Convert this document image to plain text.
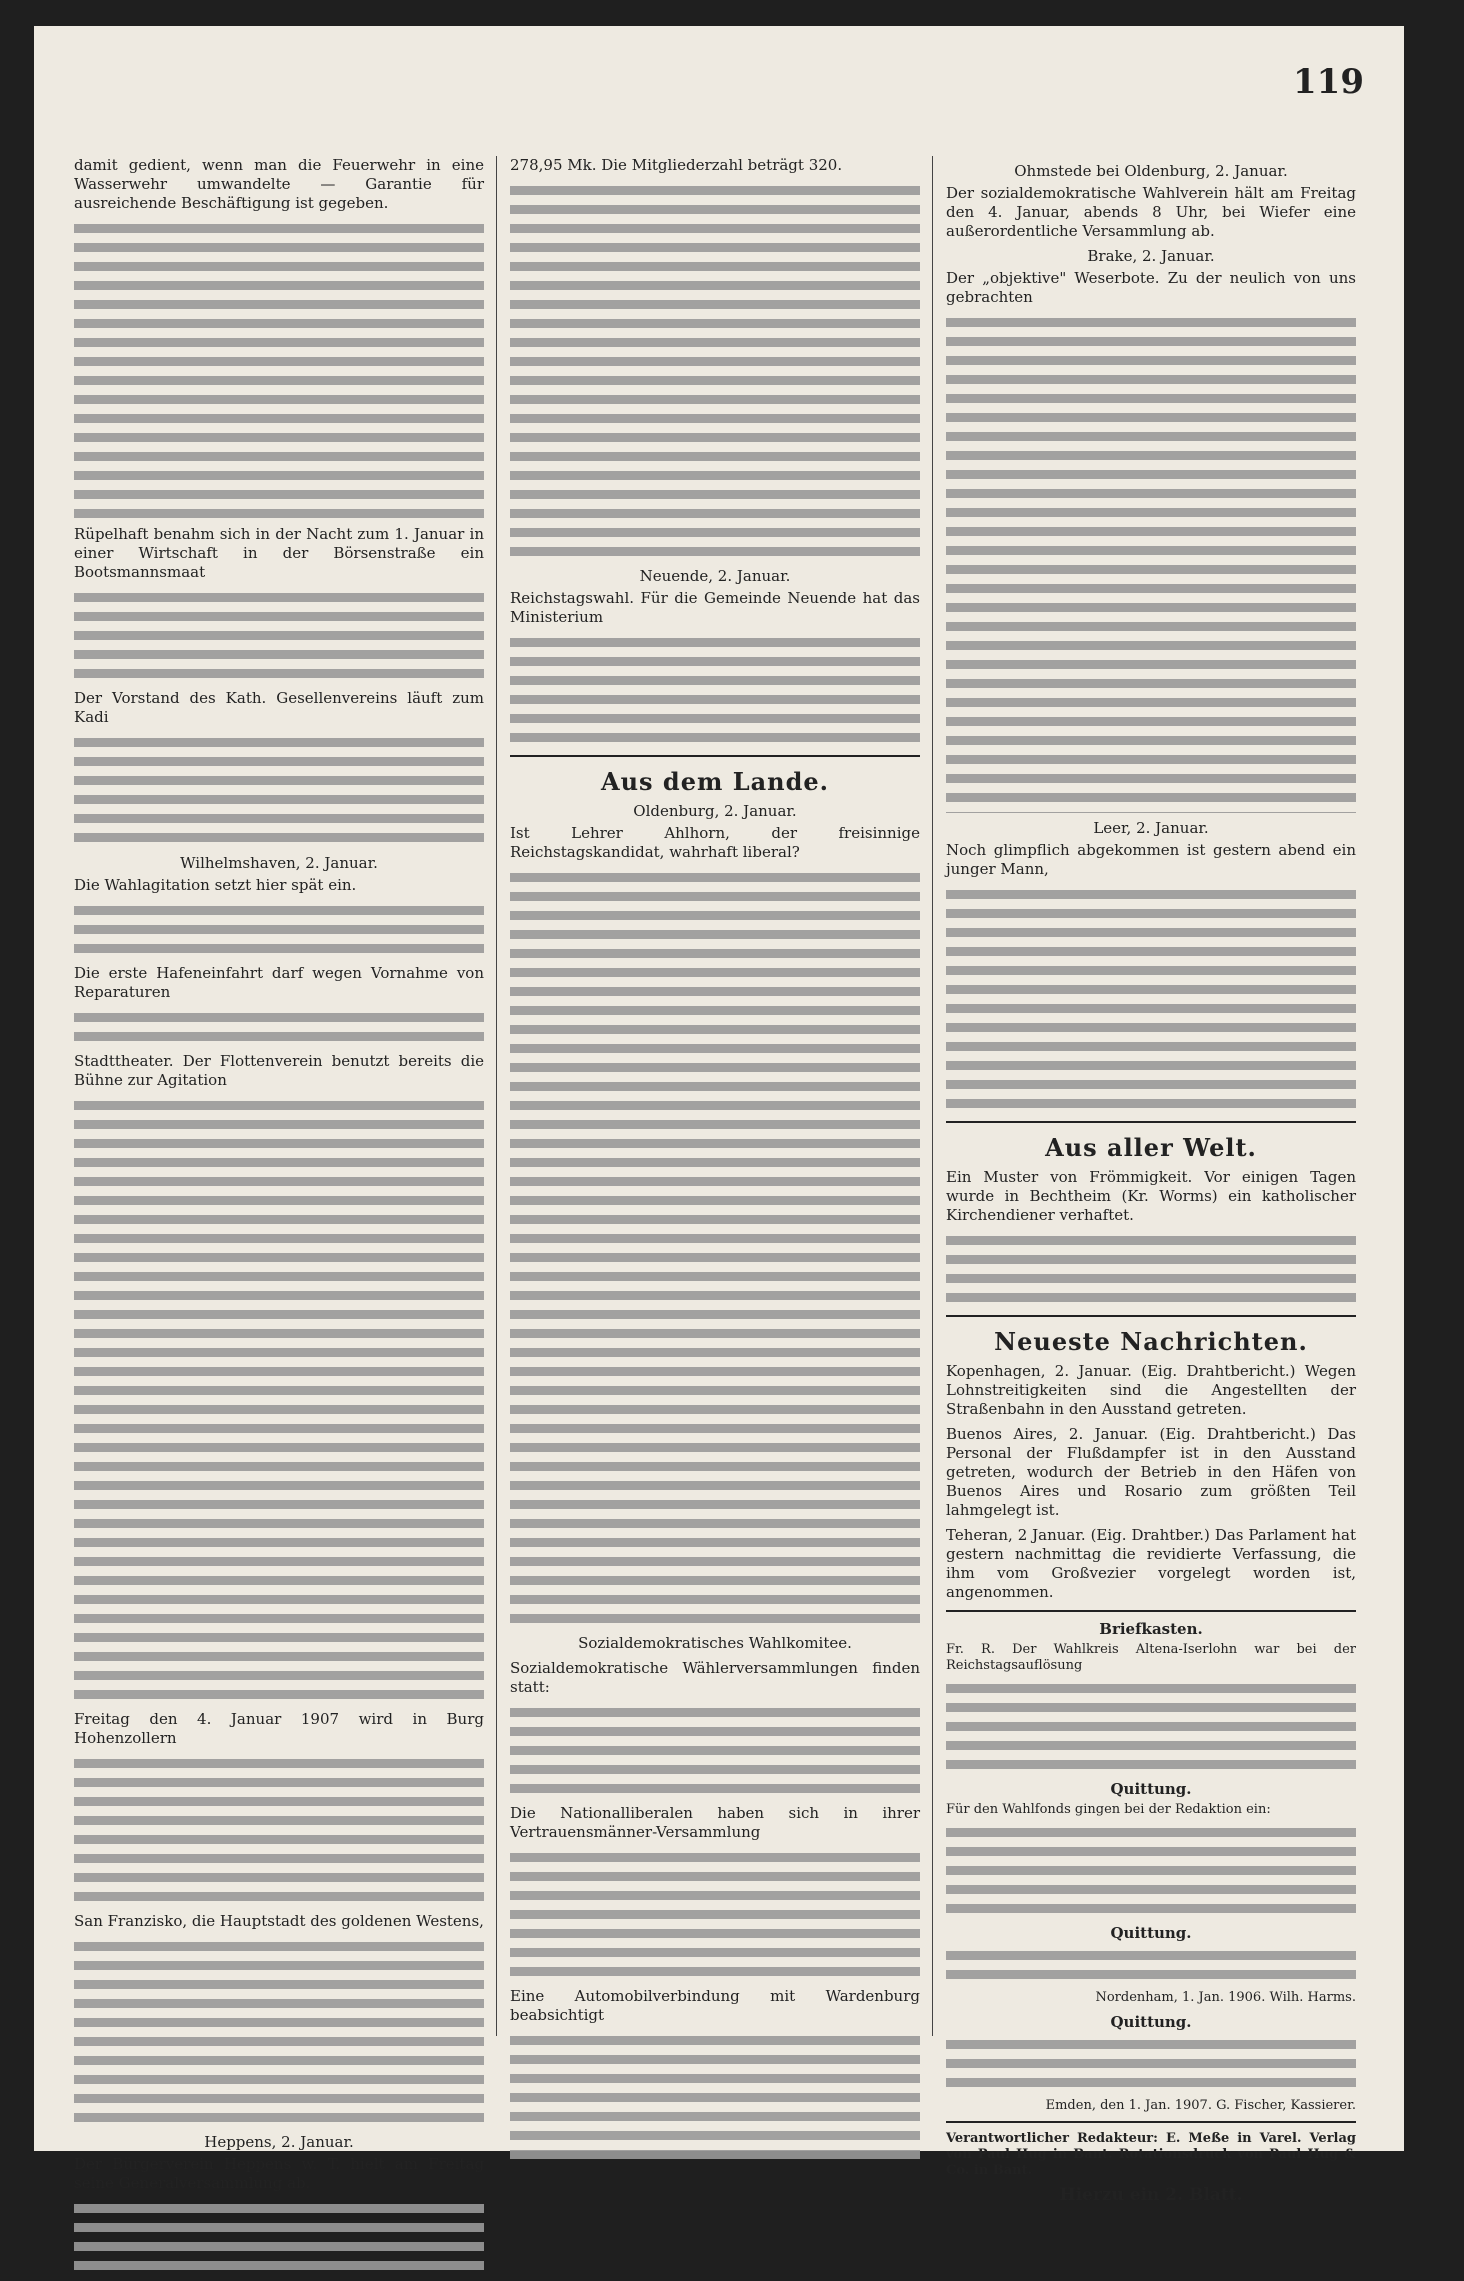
119

damit gedient, wenn man die Feuerwehr in eine Wasserwehr umwandelte — Garantie für ausreichende Beschäftigung ist gegeben.

Rüpelhaft benahm sich in der Nacht zum 1. Januar in einer Wirtschaft in der Börsenstraße ein Bootsmannsmaat

Der Vorstand des Kath. Gesellenvereins läuft zum Kadi

Wilhelmshaven, 2. Januar.

Die Wahlagitation setzt hier spät ein.

Die erste Hafeneinfahrt darf wegen Vornahme von Reparaturen

Stadttheater. Der Flottenverein benutzt bereits die Bühne zur Agitation

Freitag den 4. Januar 1907 wird in Burg Hohenzollern

San Franzisko, die Hauptstadt des goldenen Westens,

Heppens, 2. Januar.

Der Bürgerverein Heppens w. T. hielt am Freitag seine Generalversammlung ab.

278,95 Mk. Die Mitgliederzahl beträgt 320.

Neuende, 2. Januar.

Reichstagswahl. Für die Gemeinde Neuende hat das Ministerium

Aus dem Lande.
Oldenburg, 2. Januar.

Ist Lehrer Ahlhorn, der freisinnige Reichstagskandidat, wahrhaft liberal?

Sozialdemokratisches Wahlkomitee.

Sozialdemokratische Wählerversammlungen finden statt:

Die Nationalliberalen haben sich in ihrer Vertrauensmänner-Versammlung

Eine Automobilverbindung mit Wardenburg beabsichtigt

Ohmstede bei Oldenburg, 2. Januar.

Der sozialdemokratische Wahlverein hält am Freitag den 4. Januar, abends 8 Uhr, bei Wiefer eine außerordentliche Versammlung ab.

Brake, 2. Januar.

Der „objektive" Weserbote. Zu der neulich von uns gebrachten

Leer, 2. Januar.

Noch glimpflich abgekommen ist gestern abend ein junger Mann,

Aus aller Welt.

Ein Muster von Frömmigkeit. Vor einigen Tagen wurde in Bechtheim (Kr. Worms) ein katholischer Kirchendiener verhaftet.

Neueste Nachrichten.

Kopenhagen, 2. Januar. (Eig. Drahtbericht.) Wegen Lohnstreitigkeiten sind die Angestellten der Straßenbahn in den Ausstand getreten.

Buenos Aires, 2. Januar. (Eig. Drahtbericht.) Das Personal der Flußdampfer ist in den Ausstand getreten, wodurch der Betrieb in den Häfen von Buenos Aires und Rosario zum größten Teil lahmgelegt ist.

Teheran, 2 Januar. (Eig. Drahtber.) Das Parlament hat gestern nachmittag die revidierte Verfassung, die ihm vom Großvezier vorgelegt worden ist, angenommen.

Briefkasten.

Fr. R. Der Wahlkreis Altena-Iserlohn war bei der Reichstagsauflösung

Quittung.

Für den Wahlfonds gingen bei der Redaktion ein:

Quittung.

Nordenham, 1. Jan. 1906. Wilh. Harms.

Quittung.

Emden, den 1. Jan. 1907. G. Fischer, Kassierer.

Verantwortlicher Redakteur: E. Meße in Varel. Verlag von Paul Hug in Bant. Rotationsdruck von Paul Hug & Co. in Bant.

Hierzu ein 2. Blatt.
